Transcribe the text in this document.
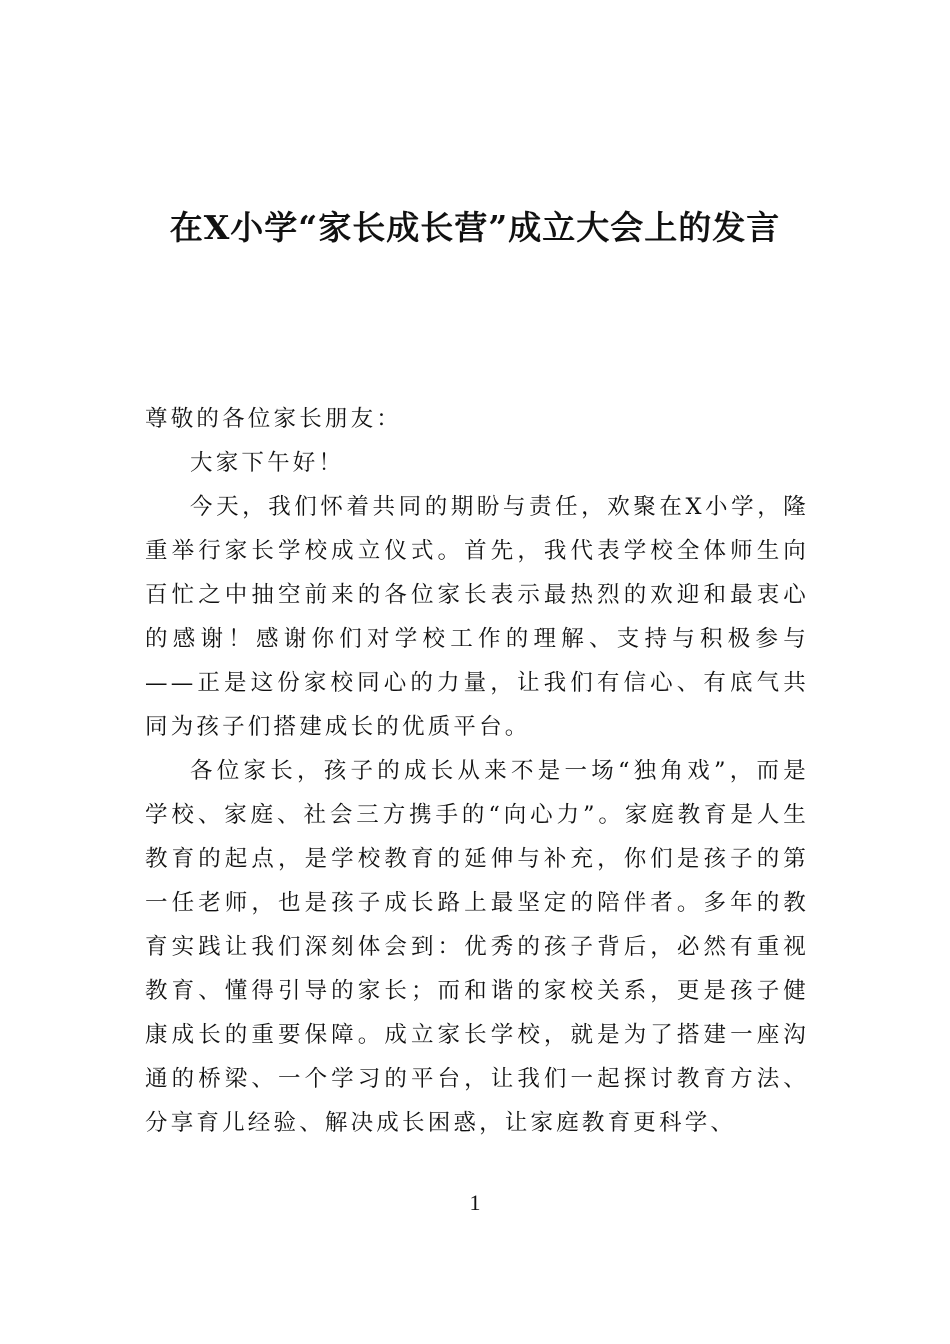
在X小学“家长成长营”成立大会上的发言

尊敬的各位家长朋友：

大家下午好！

今天，我们怀着共同的期盼与责任，欢聚在X小学，隆重举行家长学校成立仪式。首先，我代表学校全体师生向百忙之中抽空前来的各位家长表示最热烈的欢迎和最衷心的感谢！感谢你们对学校工作的理解、支持与积极参与——正是这份家校同心的力量，让我们有信心、有底气共同为孩子们搭建成长的优质平台。

各位家长，孩子的成长从来不是一场“独角戏”，而是学校、家庭、社会三方携手的“向心力”。家庭教育是人生教育的起点，是学校教育的延伸与补充，你们是孩子的第一任老师，也是孩子成长路上最坚定的陪伴者。多年的教育实践让我们深刻体会到：优秀的孩子背后，必然有重视教育、懂得引导的家长；而和谐的家校关系，更是孩子健康成长的重要保障。成立家长学校，就是为了搭建一座沟通的桥梁、一个学习的平台，让我们一起探讨教育方法、分享育儿经验、解决成长困惑，让家庭教育更科学、

1
